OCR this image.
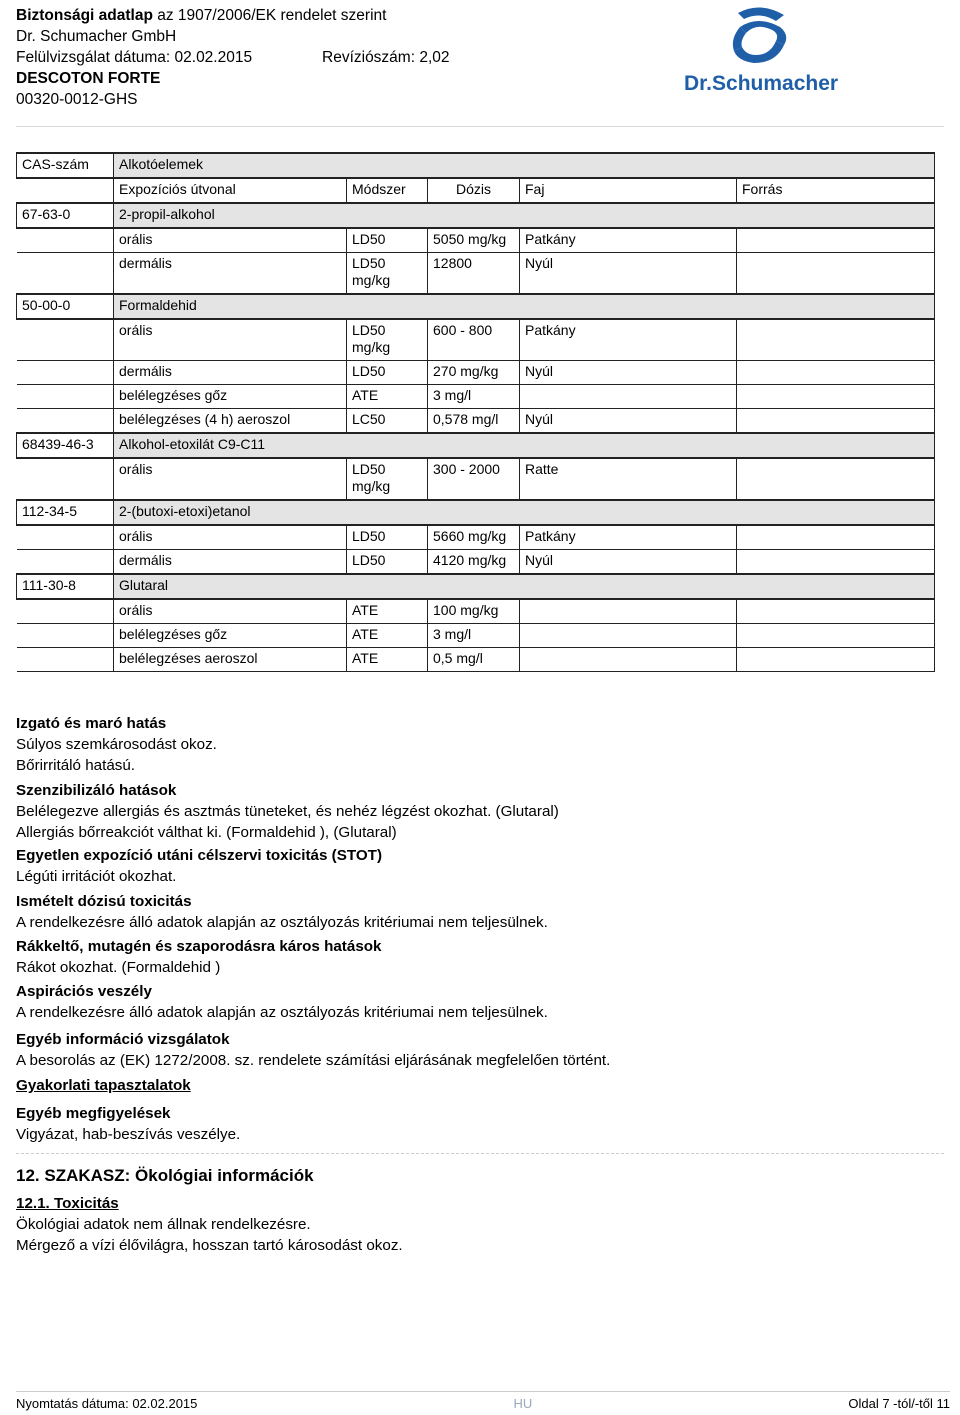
Biztonsági adatlap az 1907/2006/EK rendelet szerint
Dr. Schumacher GmbH
Felülvizsgálat dátuma: 02.02.2015	Revíziószám: 2,02
DESCOTON FORTE
00320-0012-GHS
Dr.Schumacher
CAS-szám	Alkotóelemek				
	Expozíciós útvonal	Módszer	Dózis	Faj	Forrás
67-63-0	2-propil-alkohol				
	orális	LD50	5050 mg/kg	Patkány	
	dermális	LD50 mg/kg	12800	Nyúl	
50-00-0	Formaldehid				
	orális	LD50 mg/kg	600 - 800	Patkány	
	dermális	LD50	270 mg/kg	Nyúl	
	belélegzéses gőz	ATE	3 mg/l		
	belélegzéses (4 h) aeroszol	LC50	0,578 mg/l	Nyúl	
68439-46-3	Alkohol-etoxilát C9-C11				
	orális	LD50 mg/kg	300 - 2000	Ratte	
112-34-5	2-(butoxi-etoxi)etanol				
	orális	LD50	5660 mg/kg	Patkány	
	dermális	LD50	4120 mg/kg	Nyúl	
111-30-8	Glutaral				
	orális	ATE	100 mg/kg		
	belélegzéses gőz	ATE	3 mg/l		
	belélegzéses aeroszol	ATE	0,5 mg/l		
Izgató és maró hatás
Súlyos szemkárosodást okoz.
Bőrirritáló hatású.
Szenzibilizáló hatások
Belélegezve allergiás és asztmás tüneteket, és nehéz légzést okozhat. (Glutaral)
Allergiás bőrreakciót válthat ki. (Formaldehid ), (Glutaral)
Egyetlen expozíció utáni célszervi toxicitás (STOT)
Légúti irritációt okozhat.
Ismételt dózisú toxicitás
A rendelkezésre álló adatok alapján az osztályozás kritériumai nem teljesülnek.
Rákkeltő, mutagén és szaporodásra káros hatások
Rákot okozhat. (Formaldehid )
Aspirációs veszély
A rendelkezésre álló adatok alapján az osztályozás kritériumai nem teljesülnek.
Egyéb információ vizsgálatok
A besorolás az (EK) 1272/2008. sz. rendelete számítási eljárásának megfelelően történt.
Gyakorlati tapasztalatok
Egyéb megfigyelések
Vigyázat, hab-beszívás veszélye.
12. SZAKASZ: Ökológiai információk
12.1. Toxicitás
Ökológiai adatok nem állnak rendelkezésre.
Mérgező a vízi élővilágra, hosszan tartó károsodást okoz.
Nyomtatás dátuma: 02.02.2015	HU	Oldal 7 -tól/-től 11
